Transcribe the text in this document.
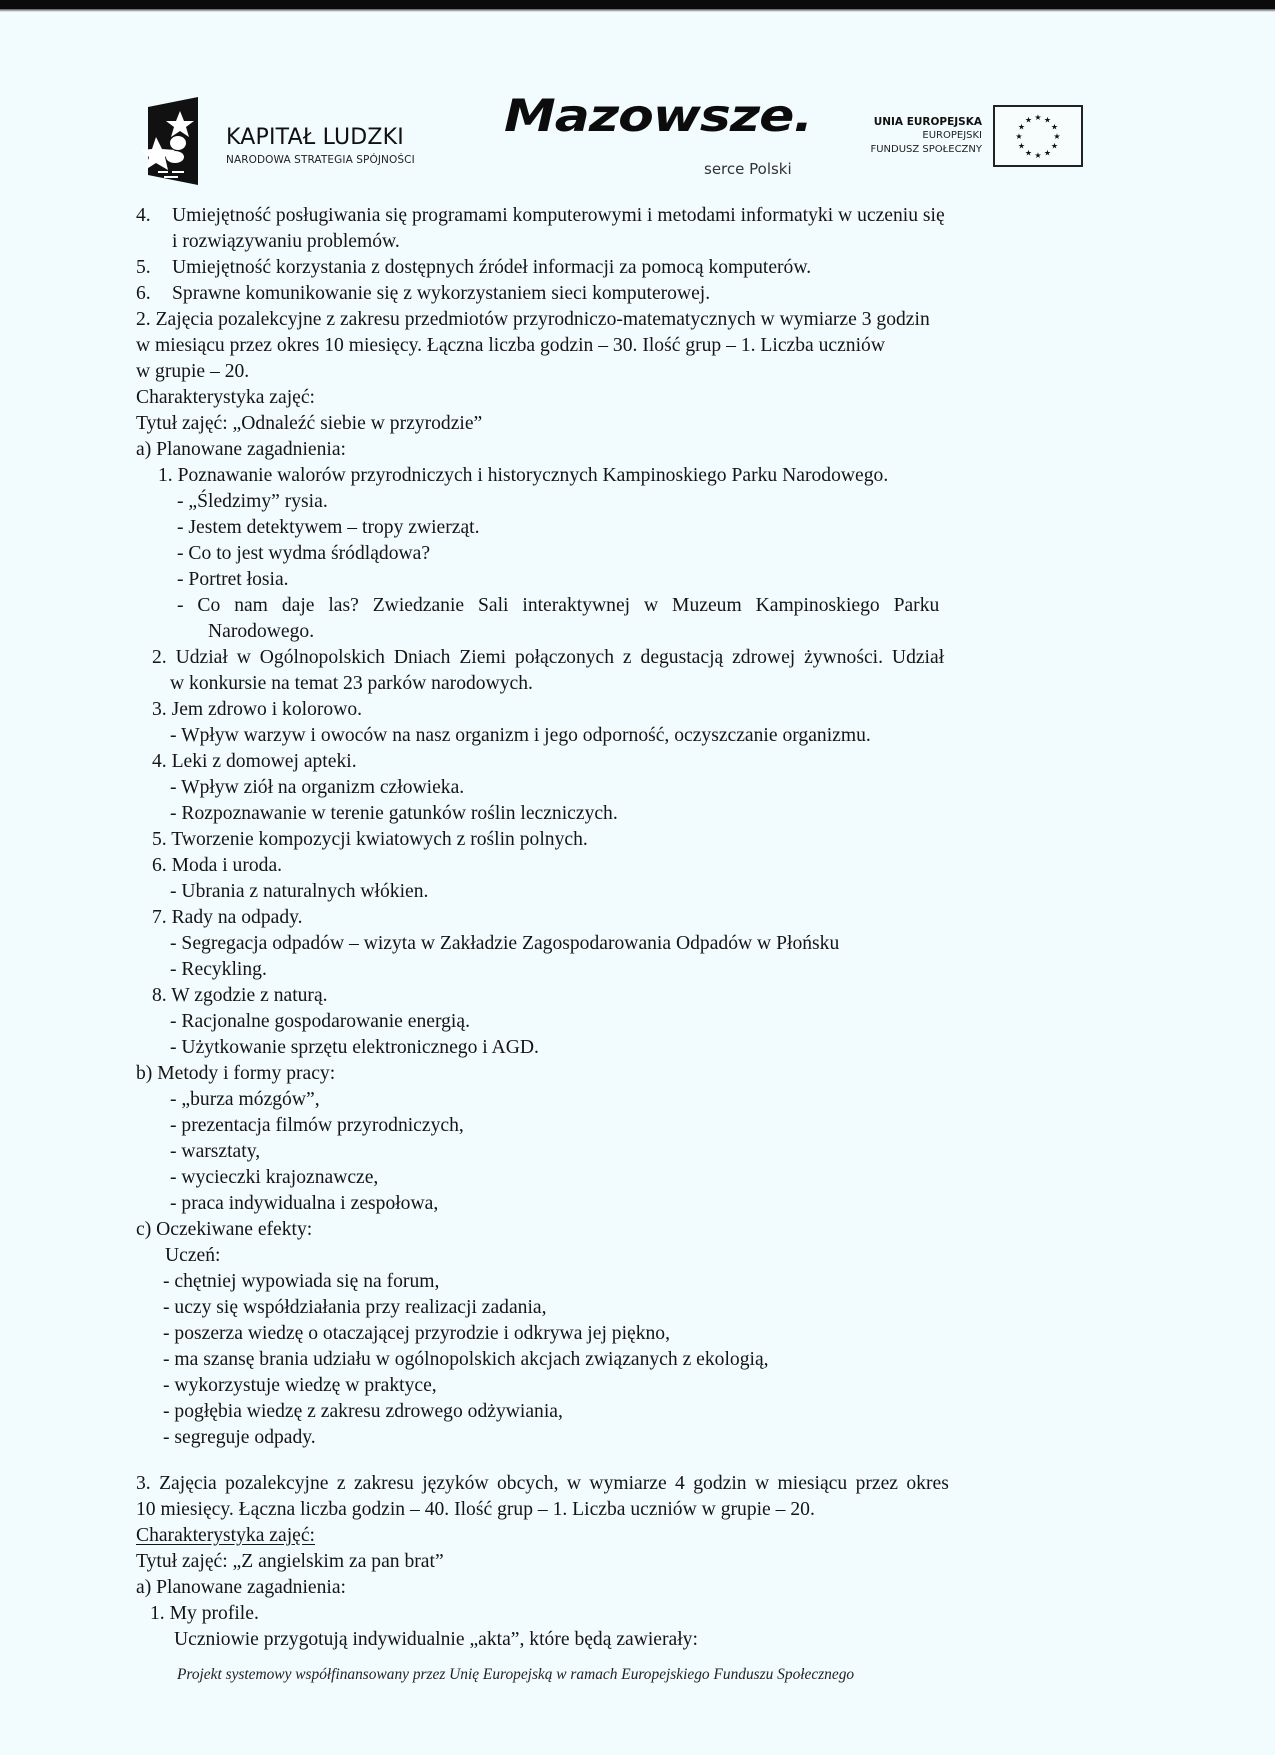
KAPITAŁ LUDZKI
NARODOWA STRATEGIA SPÓJNOŚCI
Mazowsze.
serce Polski
UNIA EUROPEJSKA
EUROPEJSKI
FUNDUSZ SPOŁECZNY
★ ★
★
★
★
★
★
★
★
★
★
★
4. Umiejętność posługiwania się programami komputerowymi i metodami informatyki w uczeniu się
i rozwiązywaniu problemów.
5. Umiejętność korzystania z dostępnych źródeł informacji za pomocą komputerów.
6. Sprawne komunikowanie się z wykorzystaniem sieci komputerowej.
2. Zajęcia pozalekcyjne z zakresu przedmiotów przyrodniczo-matematycznych w wymiarze 3 godzin
w miesiącu przez okres 10 miesięcy. Łączna liczba godzin – 30. Ilość grup – 1. Liczba uczniów
w grupie – 20.
Charakterystyka zajęć:
Tytuł zajęć: „Odnaleźć siebie w przyrodzie”
a) Planowane zagadnienia:
1. Poznawanie walorów przyrodniczych i historycznych Kampinoskiego Parku Narodowego.
- „Śledzimy” rysia.
- Jestem detektywem – tropy zwierząt.
- Co to jest wydma śródlądowa?
- Portret łosia.
- Co nam daje las? Zwiedzanie Sali interaktywnej w Muzeum Kampinoskiego Parku
Narodowego.
2. Udział w Ogólnopolskich Dniach Ziemi połączonych z degustacją zdrowej żywności. Udział
w konkursie na temat 23 parków narodowych.
3. Jem zdrowo i kolorowo.
- Wpływ warzyw i owoców na nasz organizm i jego odporność, oczyszczanie organizmu.
4. Leki z domowej apteki.
- Wpływ ziół na organizm człowieka.
- Rozpoznawanie w terenie gatunków roślin leczniczych.
5. Tworzenie kompozycji kwiatowych z roślin polnych.
6. Moda i uroda.
- Ubrania z naturalnych włókien.
7. Rady na odpady.
- Segregacja odpadów – wizyta w Zakładzie Zagospodarowania Odpadów w Płońsku
- Recykling.
8. W zgodzie z naturą.
- Racjonalne gospodarowanie energią.
- Użytkowanie sprzętu elektronicznego i AGD.
b) Metody i formy pracy:
- „burza mózgów”,
- prezentacja filmów przyrodniczych,
- warsztaty,
- wycieczki krajoznawcze,
- praca indywidualna i zespołowa,
c) Oczekiwane efekty:
Uczeń:
- chętniej wypowiada się na forum,
- uczy się współdziałania przy realizacji zadania,
- poszerza wiedzę o otaczającej przyrodzie i odkrywa jej piękno,
- ma szansę brania udziału w ogólnopolskich akcjach związanych z ekologią,
- wykorzystuje wiedzę w praktyce,
- pogłębia wiedzę z zakresu zdrowego odżywiania,
- segreguje odpady.
3. Zajęcia pozalekcyjne z zakresu języków obcych, w wymiarze 4 godzin w miesiącu przez okres
10 miesięcy. Łączna liczba godzin – 40. Ilość grup – 1. Liczba uczniów w grupie – 20.
Charakterystyka zajęć:
Tytuł zajęć: „Z angielskim za pan brat”
a) Planowane zagadnienia:
1. My profile.
Uczniowie przygotują indywidualnie „akta”, które będą zawierały:
Projekt systemowy współfinansowany przez Unię Europejską w ramach Europejskiego Funduszu Społecznego
